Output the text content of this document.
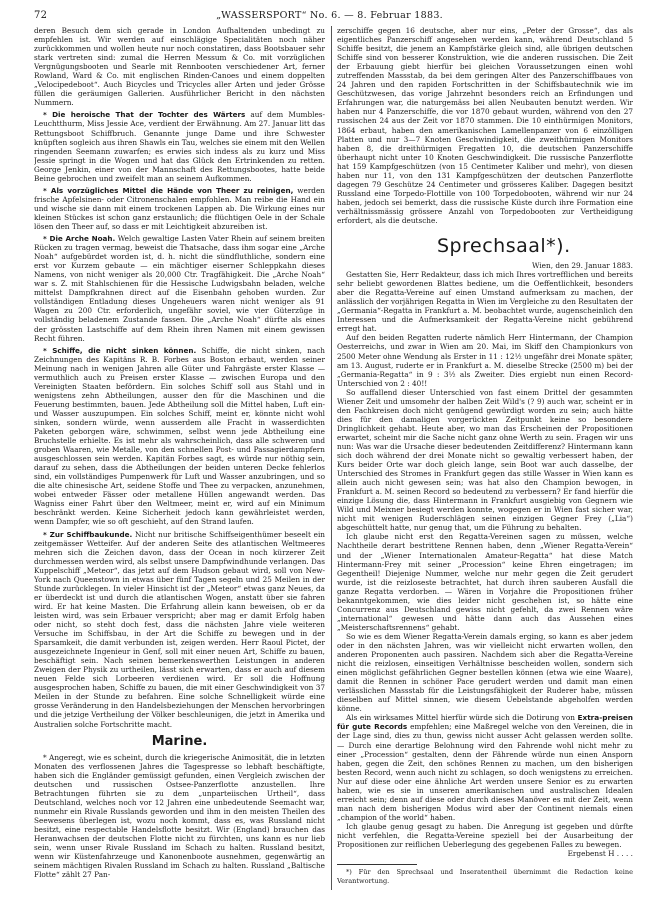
72	„WASSERSPORT“ No. 6. — 8. Februar 1883.

deren Besuch dem sich gerade in London Aufhaltenden unbedingt zu empfehlen ist. Wir werden auf einschlägige Specialitäten noch näher zurückkommen und wollen heute nur noch constatiren, dass Bootsbauer sehr stark vertreten sind: zumal die Herren Messum & Co. mit vorzüglichen Vergnügungsbooten und Searle mit Rennbooten verschiedener Art, ferner Rowland, Ward & Co. mit englischen Rinden-Canoes und einem doppelten „Velocipedeboot“. Auch Bicycles und Tricycles aller Arten und jeder Grösse füllen die geräumigen Gallerien. Ausführlicher Bericht in den nächsten Nummern.

* Die heroische That der Tochter des Wärters auf dem Mumbles-Leuchtthurm, Miss Jessie Ace, verdient der Erwähnung. Am 27. Januar litt das Rettungsboot Schiffbruch. Genannte junge Dame und ihre Schwester knüpften sogleich aus ihren Shawls ein Tau, welches sie einem mit den Wellen ringenden Seemann zuwarfen; es erwies sich indess als zu kurz und Miss Jessie springt in die Wogen und hat das Glück den Ertrinkenden zu retten. George Jenkin, einer von der Mannschaft des Rettungsbootes, hatte beide Beine gebrochen und zweifelt man an seinem Aufkommen.

* Als vorzügliches Mittel die Hände von Theer zu reinigen, werden frische Apfelsinen- oder Citronenschalen empfohlen. Man reibe die Hand ein und wische sie dann mit einem trockenen Lappen ab. Die Wirkung eines nur kleinen Stückes ist schon ganz erstaunlich; die flüchtigen Oele in der Schale lösen den Theer auf, so dass er mit Leichtigkeit abzureiben ist.

* Die Arche Noah. Welch gewaltige Lasten Vater Rhein auf seinem breiten Rücken zu tragen vermag, beweist die Thatsache, dass ihm sogar eine „Arche Noah“ aufgebürdet worden ist, d. h. nicht die sündfluthliche, sondern eine erst vor Kurzem gebaute — ein mächtiger eiserner Schleppkahn dieses Namens, von nicht weniger als 20,000 Ctr. Tragfähigkeit. Die „Arche Noah“ war s. Z. mit Stahlschienen für die Hessische Ludwigsbahn beladen, welche mittelst Dampfkrahnen direct auf die Eisenbahn gehoben wurden. Zur vollständigen Entladung dieses Ungeheuers waren nicht weniger als 91 Wagen zu 200 Ctr. erforderlich, ungefähr soviel, wie vier Güterzüge in vollständig beladenem Zustande fassen. Die „Arche Noah“ dürfte als eines der grössten Lastschiffe auf dem Rhein ihren Namen mit einem gewissen Recht führen.

* Schiffe, die nicht sinken können. Schiffe, die nicht sinken, nach Zeichnungen des Kapitäns R. B. Forbes aus Boston erbaut, werden seiner Meinung nach in wenigen Jahren alle Güter und Fahrgäste erster Klasse — vermuthlich auch zu Preisen erster Klasse — zwischen Europa und den Vereinigten Staaten befördern. Ein solches Schiff soll aus Stahl und in wenigstens zehn Abtheilungen, ausser den für die Maschinen und die Feuerung bestimmten, bauen. Jede Abtheilung soll die Mittel haben, Luft ein- und Wasser auszupumpen. Ein solches Schiff, meint er, könnte nicht wohl sinken, sondern würde, wenn ausserdem alle Fracht in wasserdichten Paketen geborgen wäre, schwimmen, selbst wenn jede Abtheilung eine Bruchstelle erhielte. Es ist mehr als wahrscheinlich, dass alle schweren und groben Waaren, wie Metalle, von den schnellen Post- und Passagierdampfern ausgeschlossen sein werden. Kapitän Forbes sagt, es würde nur nöthig sein, darauf zu sehen, dass die Abtheilungen der beiden unteren Decke fehlerlos sind, ein vollständiges Pumpenwerk für Luft und Wasser anzubringen, und so die alte chinesische Art, seidene Stoffe und Thee zu verpacken, anzunehmen, wobei entweder Fässer oder metallene Hüllen angewandt werden. Das Wagniss einer Fahrt über den Weltmeer, meint er, wird auf ein Minimum beschränkt werden. Keine Sicherheit jedoch kann gewährleistet werden, wenn Dampfer, wie so oft geschieht, auf den Strand laufen.

* Zur Schiffbaukunde. Nicht nur britische Schiffseigenthümer beseelt ein zeitgemässer Wetteifer. Auf der anderen Seite des atlantischen Weltmeeres mehren sich die Zeichen davon, dass der Ocean in noch kürzerer Zeit durchmessen werden wird, als selbst unsere Dampfwindhunde verlangen. Das Kuppelschiff „Meteor“, das jetzt auf dem Hudson gebaut wird, soll von New-York nach Queenstown in etwas über fünf Tagen segeln und 25 Meilen in der Stunde zurücklegen. In vieler Hinsicht ist der „Meteor“ etwas ganz Neues, da er überdeckt ist und durch die atlantischen Wogen, anstatt über sie fahren wird. Er hat keine Masten. Die Erfahrung allein kann beweisen, ob er da leisten wird, was sein Erbauer verspricht; aber mag er damit Erfolg haben oder nicht, so steht doch fest, dass die nächsten Jahre viele weiteren Versuche im Schiffsbau, in der Art die Schiffe zu bewegen und in der Sparsamkeit, die damit verbunden ist, zeigen werden. Herr Raoul Pictet, der ausgezeichnete Ingenieur in Genf, soll mit einer neuen Art, Schiffe zu bauen, beschäftigt sein. Nach seinen bemerkenswerthen Leistungen in anderen Zweigen der Physik zu urtheilen, lässt sich erwarten, dass er auch auf diesem neuen Felde sich Lorbeeren verdienen wird. Er soll die Hoffnung ausgesprochen haben, Schiffe zu bauen, die mit einer Geschwindigkeit von 37 Meilen in der Stunde zu befahren. Eine solche Schnelligkeit würde eine grosse Veränderung in den Handelsbeziehungen der Menschen hervorbringen und die jetzige Vertheilung der Völker beschleunigen, die jetzt in Amerika und Australien solche Fortschritte macht.

Marine.

* Angeregt, wie es scheint, durch die kriegerische Animosität, die in letzten Monaten des verflossenen Jahres die Tagespresse so lebhaft beschäftigte, haben sich die Engländer gemüssigt gefunden, einen Vergleich zwischen der deutschen und russischen Ostsee-Panzerflotte anzustellen. Ihre Betrachtungen führten sie zu dem „unparteiischen Urtheil“, dass Deutschland, welches noch vor 12 Jahren eine unbedeutende Seemacht war, nunmehr ein Rivale Russlands geworden und ihm in den meisten Theilen des Seewesens überlegen ist, wozu noch kommt, dass es, was Russland nicht besitzt, eine respectable Handelsflotte besitzt. Wir (England) brauchen das Heranwachsen der deutschen Flotte nicht zu fürchten, uns kann es nur lieb sein, wenn unser Rivale Russland im Schach zu halten. Russland besitzt, wenn wir Küstenfahrzeuge und Kanonenboote ausnehmen, gegenwärtig an seinem mächtigen Rivalen Russland im Schach zu halten. Russland „Baltische Flotte“ zählt 27 Pan-

zerschiffe gegen 16 deutsche, aber nur eins, „Peter der Grosse“, das als eigentliches Panzerschiff angesehen werden kann, während Deutschland 5 Schiffe besitzt, die jenem an Kampfstärke gleich sind, alle übrigen deutschen Schiffe sind von besserer Konstruktion, wie die anderen russischen. Die Zeit der Erbauung giebt hierfür bei gleichen Voraussetzungen einen wohl zutreffenden Massstab, da bei dem geringen Alter des Panzerschiffbaues von 24 Jahren und den rapiden Fortschritten in der Schiffsbautechnik wie im Geschützwesen, das vorige Jahrzehnt besonders reich an Erfindungen und Erfahrungen war, die naturgemäss bei allen Neubauten benutzt werden. Wir haben nur 4 Panzerschiffe, die vor 1870 gebaut wurden, während von den 27 russischen 24 aus der Zeit vor 1870 stammen. Die 10 einthürmigen Monitors, 1864 erbaut, haben den amerikanischen Lamellenpanzer von 6 einzölligen Platten und nur 3—7 Knoten Geschwindigkeit, die zweithürmigen Monitors haben 8, die dreithürmigen Fregatten 10, die deutschen Panzerschiffe überhaupt nicht unter 10 Knoten Geschwindigkeit. Die russische Panzerflotte hat 159 Kampfgeschützen (von 15 Centimeter Kaliber und mehr), von diesen haben nur 11, von den 131 Kampfgeschützen der deutschen Panzerflotte dagegen 79 Geschütze 24 Centimeter und grösseres Kaliber. Dagegen besitzt Russland eine Torpedo-Flottille von 100 Torpedobooten, während wir nur 24 haben, jedoch sei bemerkt, dass die russische Küste durch ihre Formation eine verhältnissmässig grössere Anzahl von Torpedobooten zur Vertheidigung erfordert, als die deutsche.

Sprechsaal*).

Wien, den 29. Januar 1883.

Gestatten Sie, Herr Redakteur, dass ich mich Ihres vortrefflichen und bereits sehr beliebt gewordenen Blattes bediene, um die Oeffentlichkeit, besonders aber die Regatta-Vereine auf einen Umstand aufmerksam zu machen, der anlässlich der vorjährigen Regatta in Wien im Vergleiche zu den Resultaten der „Germania“-Regatta in Frankfurt a. M. beobachtet wurde, augenscheinlich den Interessen und die Aufmerksamkeit der Regatta-Vereine nicht gebührend erregt hat.

Auf den beiden Regatten ruderte nämlich Herr Hintermann, der Champion Oesterreichs, und zwar in Wien am 20. Mai, im Skiff den Championkurs von 2500 Meter ohne Wendung als Erster in 11 : 12½ ungefähr drei Monate später, am 13. August, ruderte er in Frankfurt a. M. dieselbe Strecke (2500 m) bei der „Germania-Regatta“ in 9 : 3½ als Zweiter. Dies ergiebt nun einen Record-Unterschied von 2 : 40!!

So auffallend dieser Unterschied von fast einem Drittel der gesammten Wiener Zeit und umsomehr der halben Zeit Wild's (? 9) auch war, scheint er in den Fachkreisen doch nicht genügend gewürdigt worden zu sein; auch hätte dies für den damaligen vorgerückten Zeitpunkt keine so besondere Dringlichkeit gehabt. Heute aber, wo man das Erscheinen der Propositionen erwartet, scheint mir die Sache nicht ganz ohne Werth zu sein. Fragen wir uns nun: Was war die Ursache dieser bedeutenden Zeitdifferenz? Hintermann kann sich doch während der drei Monate nicht so gewaltig verbessert haben, der Kurs beider Orte war doch gleich lange, sein Boot war auch dasselbe, der Unterschied des Stromes in Frankfurt gegen das stille Wasser in Wien kann es allein auch nicht gewesen sein; was hat also den Champion bewogen, in Frankfurt a. M. seinen Record so bedeutend zu verbessern? Er fand hierfür die einzige Lösung die, dass Hintermann in Frankfurt ausgiebig von Gegnern wie Wild und Meixner besiegt werden konnte, wogegen er in Wien fast sicher war, nicht mit wenigen Ruderschlägen seinen einzigen Gegner Frey („Lia“) abgeschüttelt hatte, nur genug that, um die Führung zu behalten.

Ich glaube nicht erst den Regatta-Vereinen sagen zu müssen, welche Nachtheile derart bestrittene Rennen haben, denn „Wiener Regatta-Verein“ und der „Wiener Internationalen Amateur-Regatta“ hat diese Match Hintermann-Frey mit seiner „Procession“ keine Ehren eingetragen; im Gegentheil! Diejenige Nummer, welche nur mehr gegen die Zeit gerudert wurde, ist die reizloseste betrachtet, hat durch ihren sauberen Ausfall die ganze Regatta verdorben. — Wären in Vorjahre die Propositionen früher bekanntgekommen, wie dies leider nicht geschehen ist, so hätte eine Concurrenz aus Deutschland gewiss nicht gefehlt, da zwei Rennen wäre „international“ gewesen und hätte dann auch das Aussehen eines „Meisterschaftsrennens“ gehabt.

So wie es dem Wiener Regatta-Verein damals erging, so kann es aber jedem oder in den nächsten Jahren, was wir vielleicht nicht erwarten wollen, den anderen Proponenten auch passiren. Nachdem sich aber die Regatta-Vereine nicht die reizlosen, einseitigen Verhältnisse bescheiden wollen, sondern sich einen möglichst gefährlichen Gegner bestellen können (etwa wie eine Waare), damit die Rennen in schöner Pace gerudert werden und damit man einen verlässlichen Massstab für die Leistungsfähigkeit der Ruderer habe, müssen dieselben auf Mittel sinnen, wie diesem Uebelstande abgeholfen werden könne.

Als ein wirksames Mittel hierfür würde sich die Dotirung von Extra-preisen für gute Records empfehlen; eine Maßregel welche von den Vereinen, die in der Lage sind, dies zu thun, gewiss nicht ausser Acht gelassen werden sollte. — Durch eine derartige Belohnung wird den Fahrende wohl nicht mehr zu einer „Procession“ gestalten, denn der Fährende würde nun einen Ansporn haben, gegen die Zeit, den schönes Rennen zu machen, um den bisherigen besten Record, wenn auch nicht zu schlagen, so doch wenigstens zu erreichen. Nur auf diese oder eine ähnliche Art werden unsere Senior es zu erwarten haben, wie es sie in unseren amerikanischen und australischen Idealen erreicht sein; denn auf diese oder durch dieses Manöver es mit der Zeit, wenn man nach dem bisherigen Modus wird aber der Continent niemals einen „champion of the world“ haben.

Ich glaube genug gesagt zu haben. Die Anregung ist gegeben und dürfte nicht verfehlen, die Regatta-Vereine speziell bei der Ausarbeitung der Propositionen zur reiflichen Ueberlegung des gegebenen Falles zu bewegen.

Ergebenst H . . . .

*) Für den Sprechsaal und Inseratentheil übernimmt die Redaction keine Verantwortung.
